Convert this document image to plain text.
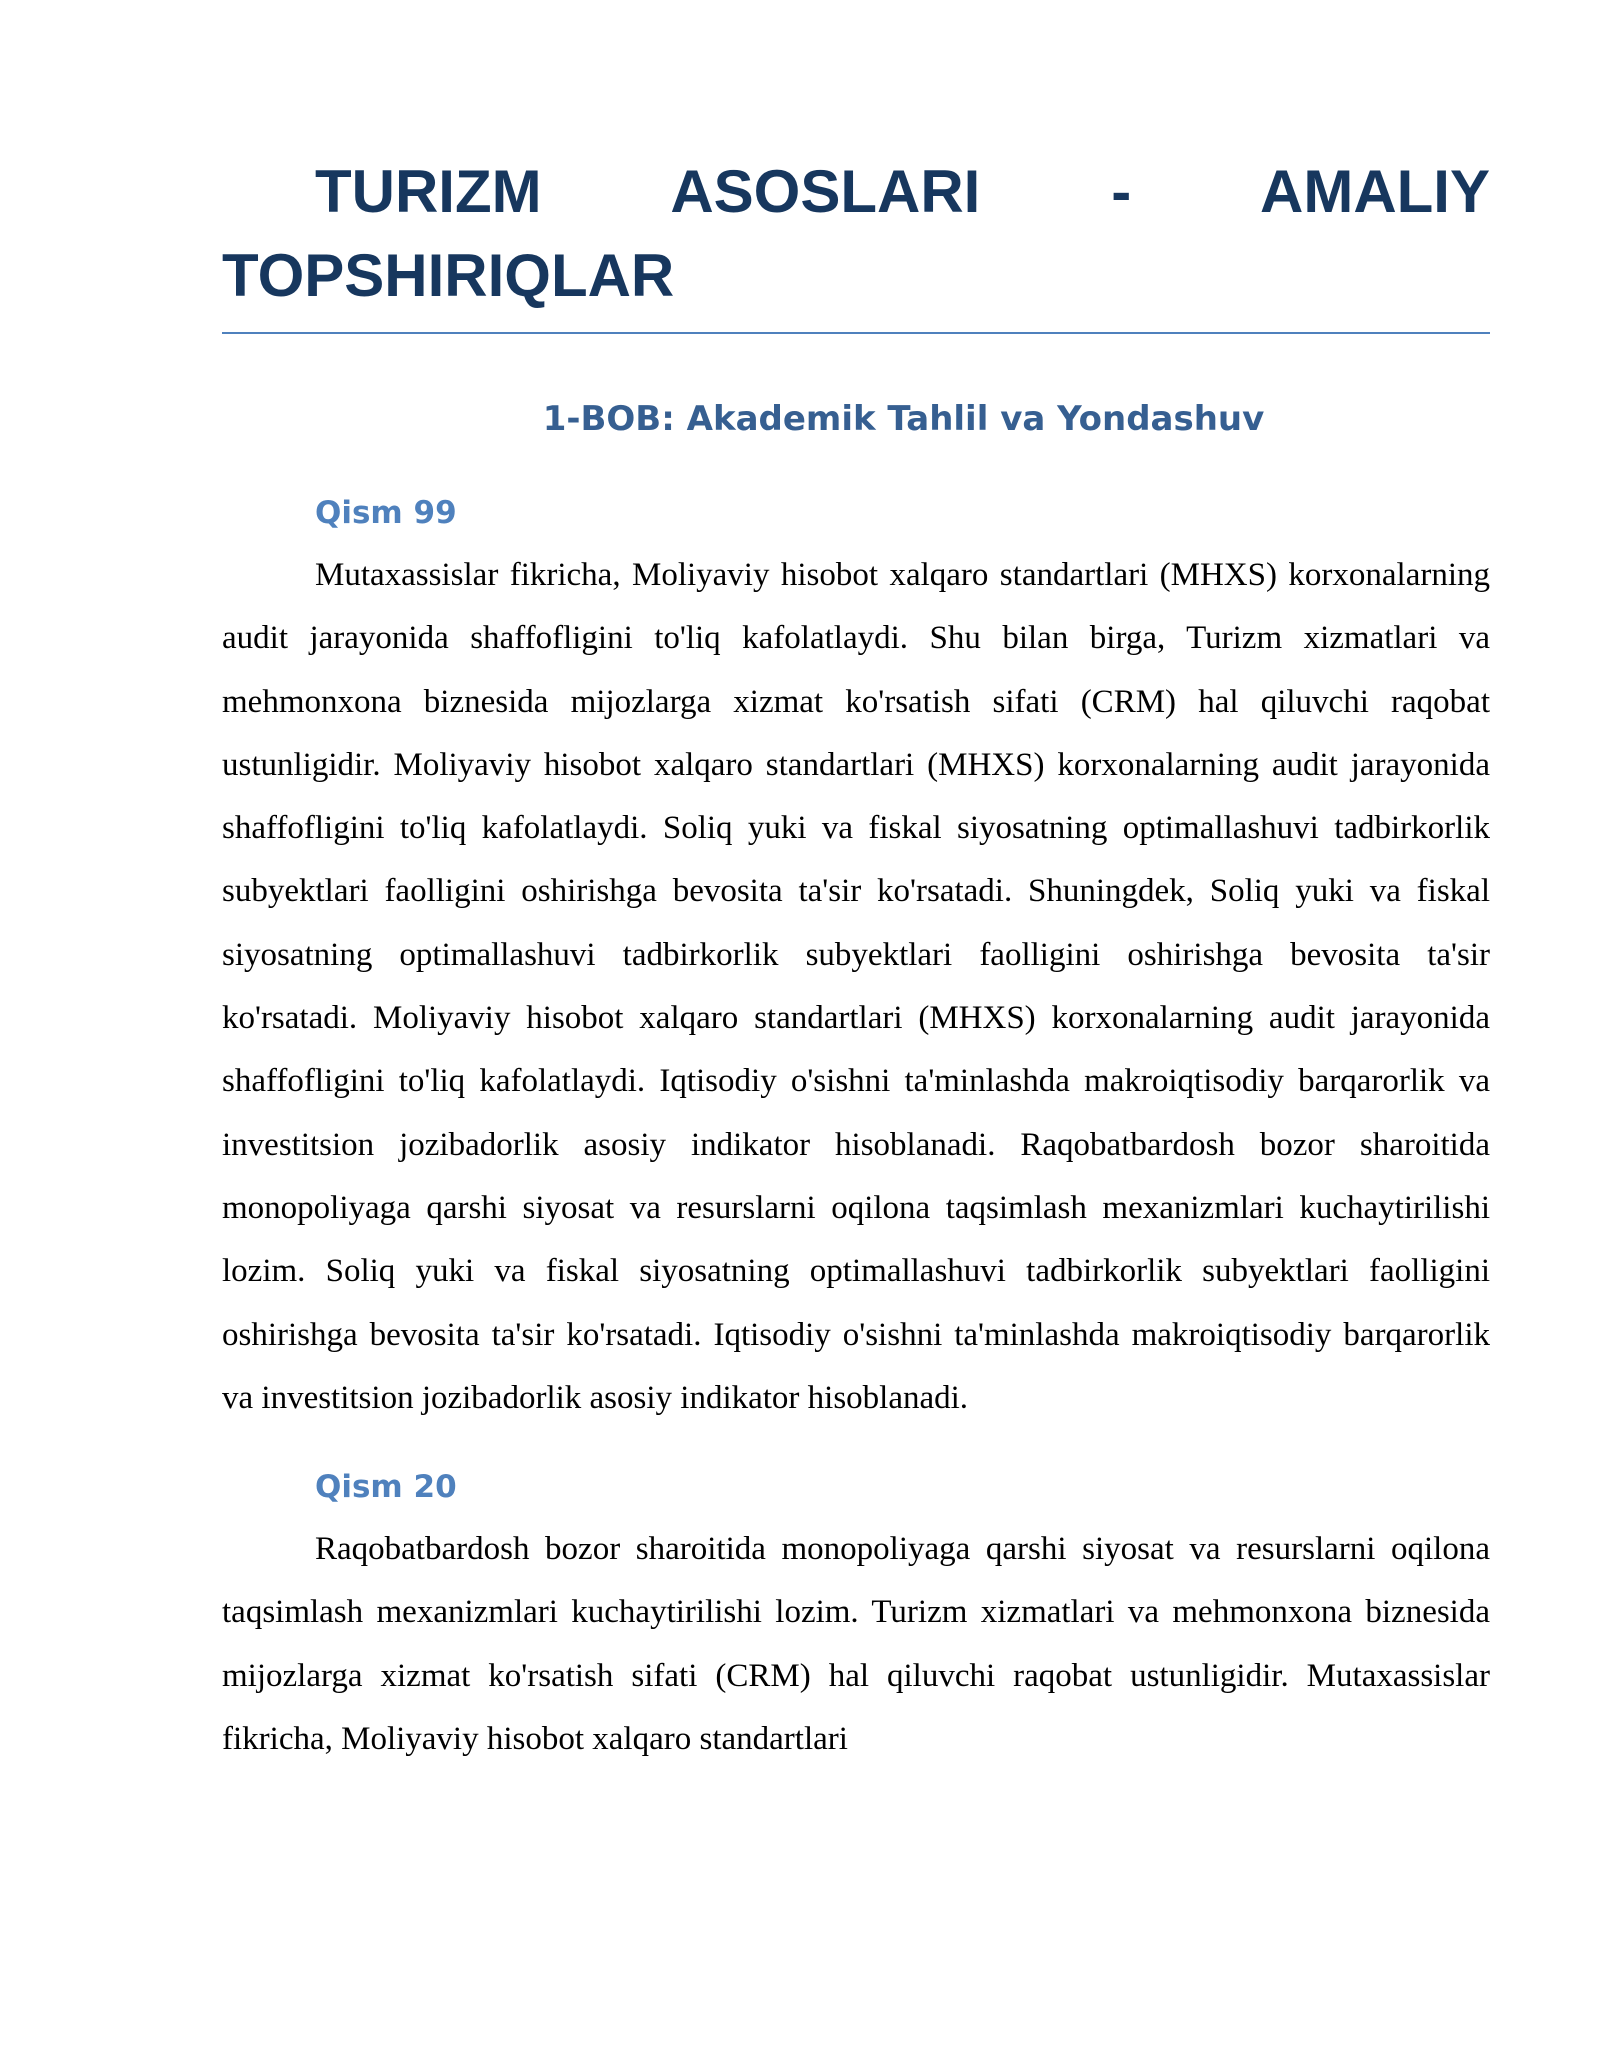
TURIZM ASOSLARI - AMALIY TOPSHIRIQLAR
1-BOB: Akademik Tahlil va Yondashuv
Qism 99

Mutaxassislar fikricha, Moliyaviy hisobot xalqaro standartlari (MHXS) korxonalarning audit jarayonida shaffofligini to'liq kafolatlaydi. Shu bilan birga, Turizm xizmatlari va mehmonxona biznesida mijozlarga xizmat ko'rsatish sifati (CRM) hal qiluvchi raqobat ustunligidir. Moliyaviy hisobot xalqaro standartlari (MHXS) korxonalarning audit jarayonida shaffofligini to'liq kafolatlaydi. Soliq yuki va fiskal siyosatning optimallashuvi tadbirkorlik subyektlari faolligini oshirishga bevosita ta'sir ko'rsatadi. Shuningdek, Soliq yuki va fiskal siyosatning optimallashuvi tadbirkorlik subyektlari faolligini oshirishga bevosita ta'sir ko'rsatadi. Moliyaviy hisobot xalqaro standartlari (MHXS) korxonalarning audit jarayonida shaffofligini to'liq kafolatlaydi. Iqtisodiy o'sishni ta'minlashda makroiqtisodiy barqarorlik va investitsion jozibadorlik asosiy indikator hisoblanadi. Raqobatbardosh bozor sharoitida monopoliyaga qarshi siyosat va resurslarni oqilona taqsimlash mexanizmlari kuchaytirilishi lozim. Soliq yuki va fiskal siyosatning optimallashuvi tadbirkorlik subyektlari faolligini oshirishga bevosita ta'sir ko'rsatadi. Iqtisodiy o'sishni ta'minlashda makroiqtisodiy barqarorlik va investitsion jozibadorlik asosiy indikator hisoblanadi.

Qism 20

Raqobatbardosh bozor sharoitida monopoliyaga qarshi siyosat va resurslarni oqilona taqsimlash mexanizmlari kuchaytirilishi lozim. Turizm xizmatlari va mehmonxona biznesida mijozlarga xizmat ko'rsatish sifati (CRM) hal qiluvchi raqobat ustunligidir. Mutaxassislar fikricha, Moliyaviy hisobot xalqaro standartlari
